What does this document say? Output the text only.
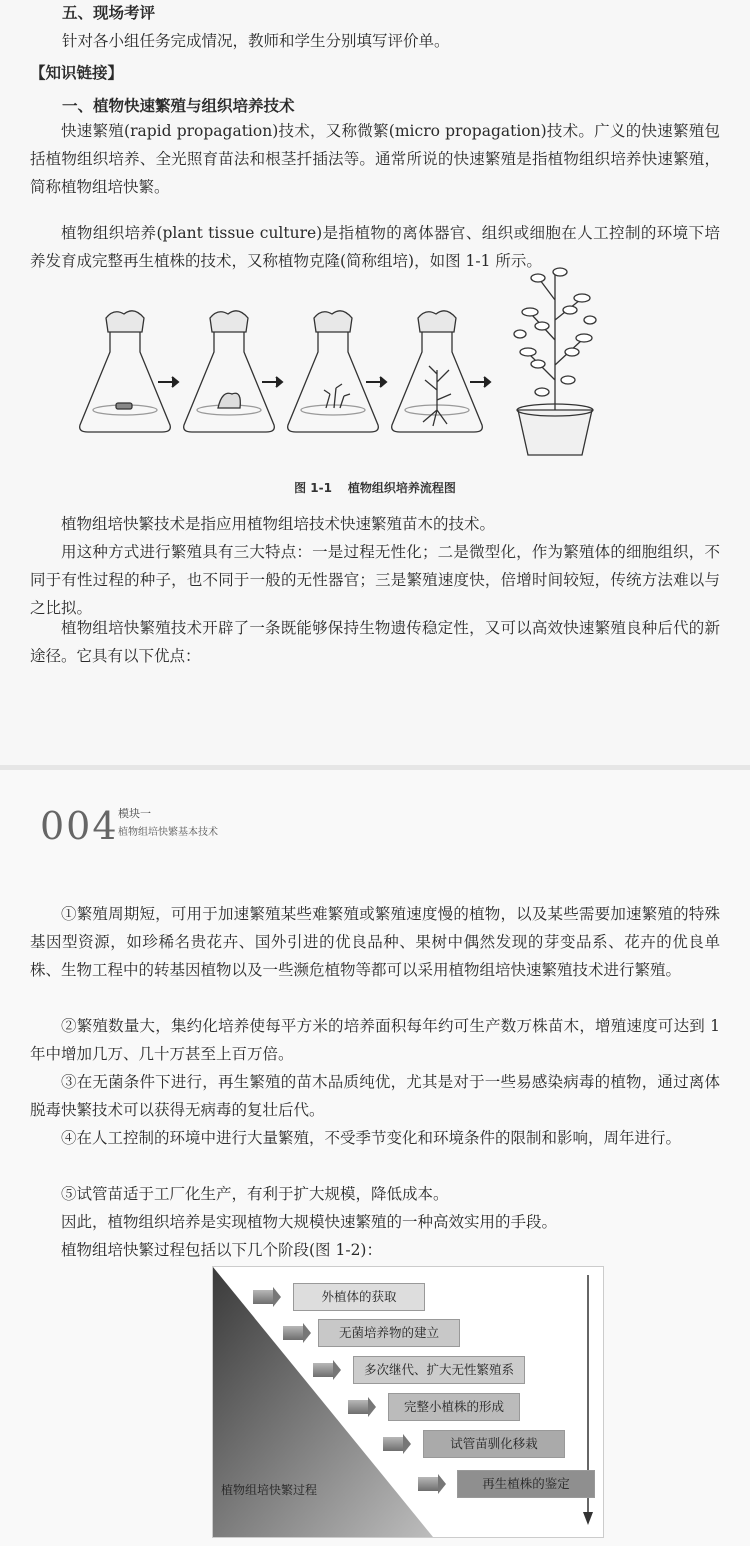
五、现场考评
针对各小组任务完成情况，教师和学生分别填写评价单。
【知识链接】
一、植物快速繁殖与组织培养技术
快速繁殖(rapid propagation)技术，又称微繁(micro propagation)技术。广义的快速繁殖包括植物组织培养、全光照育苗法和根茎扦插法等。通常所说的快速繁殖是指植物组织培养快速繁殖，简称植物组培快繁。
植物组织培养(plant tissue culture)是指植物的离体器官、组织或细胞在人工控制的环境下培养发育成完整再生植株的技术，又称植物克隆(简称组培)，如图 1-1 所示。
图 1-1 植物组织培养流程图
植物组培快繁技术是指应用植物组培技术快速繁殖苗木的技术。
用这种方式进行繁殖具有三大特点：一是过程无性化；二是微型化，作为繁殖体的细胞组织，不同于有性过程的种子，也不同于一般的无性器官；三是繁殖速度快，倍增时间较短，传统方法难以与之比拟。
植物组培快繁殖技术开辟了一条既能够保持生物遗传稳定性，又可以高效快速繁殖良种后代的新途径。它具有以下优点：
004 模块一
植物组培快繁基本技术
①繁殖周期短，可用于加速繁殖某些难繁殖或繁殖速度慢的植物，以及某些需要加速繁殖的特殊基因型资源，如珍稀名贵花卉、国外引进的优良品种、果树中偶然发现的芽变品系、花卉的优良单株、生物工程中的转基因植物以及一些濒危植物等都可以采用植物组培快速繁殖技术进行繁殖。
②繁殖数量大，集约化培养使每平方米的培养面积每年约可生产数万株苗木，增殖速度可达到 1 年中增加几万、几十万甚至上百万倍。
③在无菌条件下进行，再生繁殖的苗木品质纯优，尤其是对于一些易感染病毒的植物，通过离体脱毒快繁技术可以获得无病毒的复壮后代。
④在人工控制的环境中进行大量繁殖，不受季节变化和环境条件的限制和影响，周年进行。
⑤试管苗适于工厂化生产，有利于扩大规模，降低成本。
因此，植物组织培养是实现植物大规模快速繁殖的一种高效实用的手段。
植物组培快繁过程包括以下几个阶段(图 1-2)：
植物组培快繁过程
外植体的获取
无菌培养物的建立
多次继代、扩大无性繁殖系
完整小植株的形成
试管苗驯化移栽
再生植株的鉴定
